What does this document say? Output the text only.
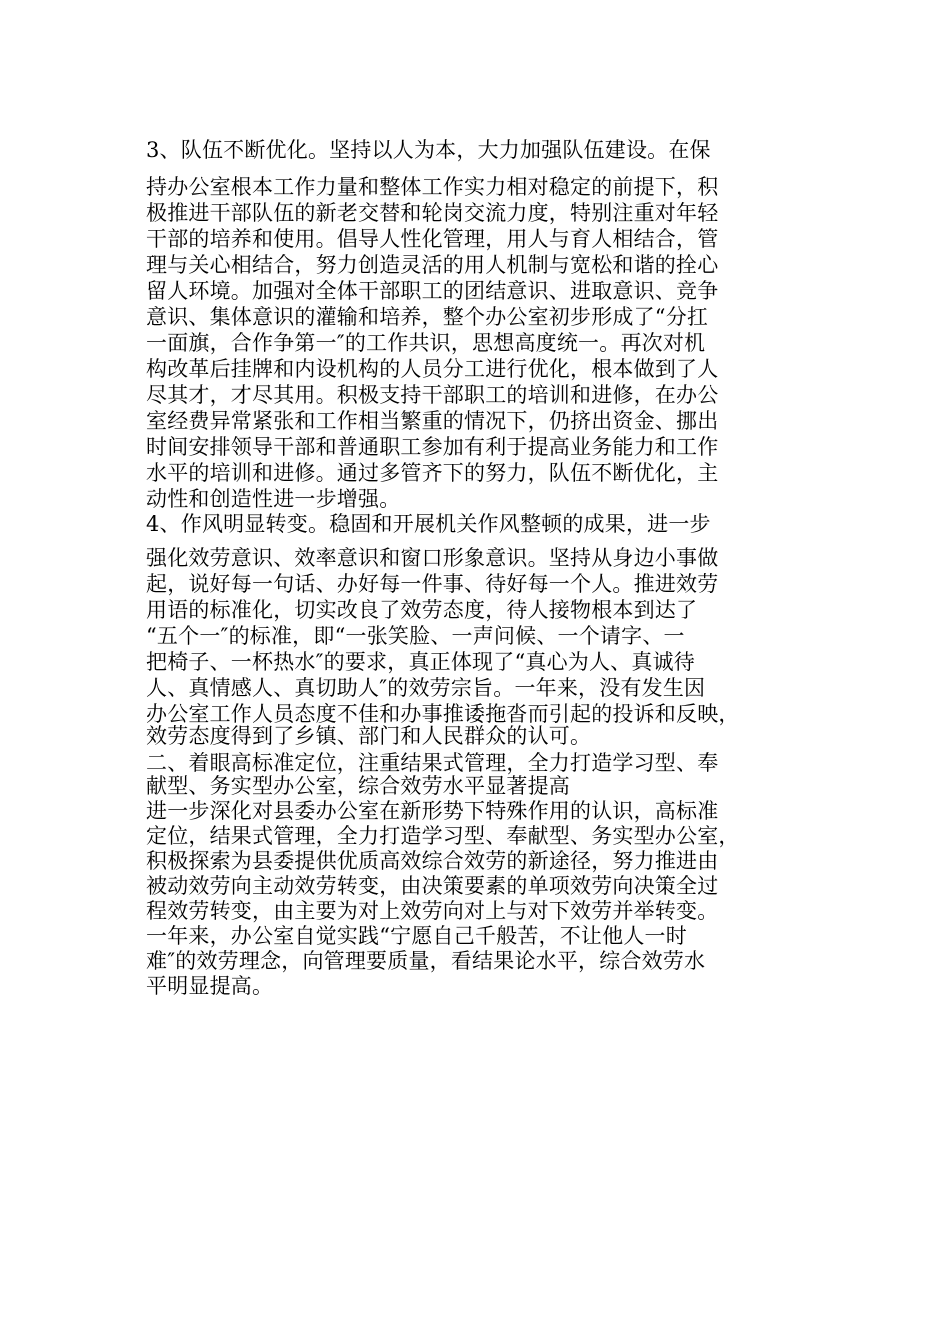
3、队伍不断优化。坚持以人为本，大力加强队伍建设。在保
持办公室根本工作力量和整体工作实力相对稳定的前提下，积
极推进干部队伍的新老交替和轮岗交流力度，特别注重对年轻
干部的培养和使用。倡导人性化管理，用人与育人相结合，管
理与关心相结合，努力创造灵活的用人机制与宽松和谐的拴心
留人环境。加强对全体干部职工的团结意识、进取意识、竞争
意识、集体意识的灌输和培养，整个办公室初步形成了“分扛
一面旗，合作争第一″的工作共识，思想高度统一。再次对机
构改革后挂牌和内设机构的人员分工进行优化，根本做到了人
尽其才，才尽其用。积极支持干部职工的培训和进修，在办公
室经费异常紧张和工作相当繁重的情况下，仍挤出资金、挪出
时间安排领导干部和普通职工参加有利于提高业务能力和工作
水平的培训和进修。通过多管齐下的努力，队伍不断优化，主
动性和创造性进一步增强。
4、作风明显转变。稳固和开展机关作风整顿的成果，进一步
强化效劳意识、效率意识和窗口形象意识。坚持从身边小事做
起，说好每一句话、办好每一件事、待好每一个人。推进效劳
用语的标准化，切实改良了效劳态度，待人接物根本到达了
“五个一″的标准，即“一张笑脸、一声问候、一个请字、一
把椅子、一杯热水″的要求，真正体现了“真心为人、真诚待
人、真情感人、真切助人″的效劳宗旨。一年来，没有发生因
办公室工作人员态度不佳和办事推诿拖沓而引起的投诉和反映，
效劳态度得到了乡镇、部门和人民群众的认可。
二、着眼高标准定位，注重结果式管理，全力打造学习型、奉
献型、务实型办公室，综合效劳水平显著提高
进一步深化对县委办公室在新形势下特殊作用的认识，高标准
定位，结果式管理，全力打造学习型、奉献型、务实型办公室，
积极探索为县委提供优质高效综合效劳的新途径，努力推进由
被动效劳向主动效劳转变，由决策要素的单项效劳向决策全过
程效劳转变，由主要为对上效劳向对上与对下效劳并举转变。
一年来，办公室自觉实践“宁愿自己千般苦，不让他人一时
难″的效劳理念，向管理要质量，看结果论水平，综合效劳水
平明显提高。
